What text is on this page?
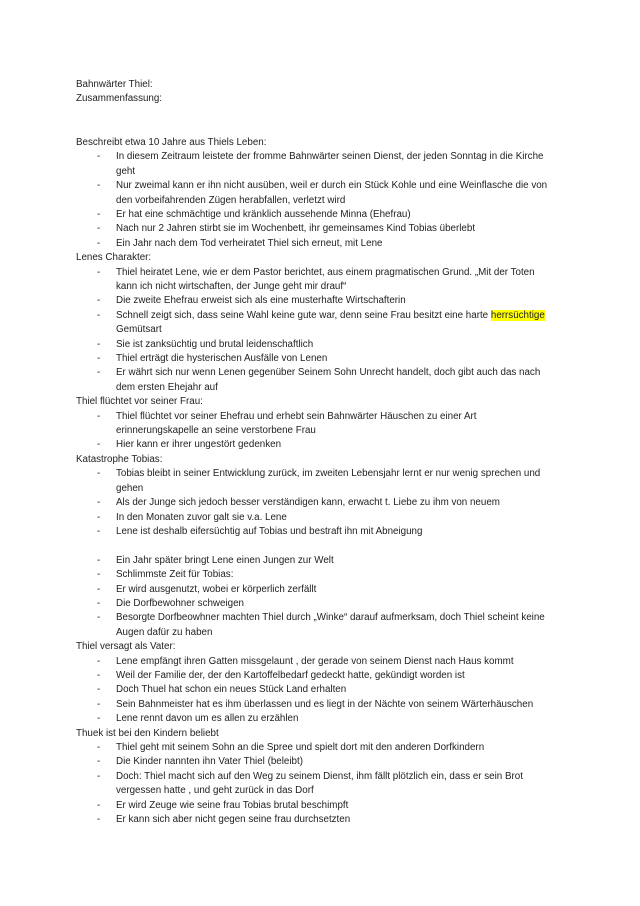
Bahnwärter Thiel:
Zusammenfassung:
Beschreibt etwa 10 Jahre aus Thiels Leben:
- In diesem Zeitraum leistete der fromme Bahnwärter seinen Dienst, der jeden Sonntag in die Kirche geht
- Nur zweimal kann er ihn nicht ausüben, weil er durch ein Stück Kohle und eine Weinflasche die von den vorbeifahrenden Zügen herabfallen, verletzt wird
- Er hat eine schmächtige und kränklich aussehende Minna (Ehefrau)
- Nach nur 2 Jahren stirbt sie im Wochenbett, ihr gemeinsames Kind Tobias überlebt
- Ein Jahr nach dem Tod verheiratet Thiel sich erneut, mit Lene
Lenes Charakter:
- Thiel heiratet Lene, wie er dem Pastor berichtet, aus einem pragmatischen Grund. „Mit der Toten kann ich nicht wirtschaften, der Junge geht mir drauf“
- Die zweite Ehefrau erweist sich als eine musterhafte Wirtschafterin
- Schnell zeigt sich, dass seine Wahl keine gute war, denn seine Frau besitzt eine harte herrsüchtige Gemütsart
- Sie ist zanksüchtig und brutal leidenschaftlich
- Thiel erträgt die hysterischen Ausfälle von Lenen
- Er währt sich nur wenn Lenen gegenüber Seinem Sohn Unrecht handelt, doch gibt auch das nach dem ersten Ehejahr auf
Thiel flüchtet vor seiner Frau:
- Thiel flüchtet vor seiner Ehefrau und erhebt sein Bahnwärter Häuschen zu einer Art erinnerungskapelle an seine verstorbene Frau
- Hier kann er ihrer ungestört gedenken
Katastrophe Tobias:
- Tobias bleibt in seiner Entwicklung zurück, im zweiten Lebensjahr lernt er nur wenig sprechen und gehen
- Als der Junge sich jedoch besser verständigen kann, erwacht t. Liebe zu ihm von neuem
- In den Monaten zuvor galt sie v.a. Lene
- Lene ist deshalb eifersüchtig auf Tobias und bestraft ihn mit Abneigung
- Ein Jahr später bringt Lene einen Jungen zur Welt
- Schlimmste Zeit für Tobias:
- Er wird ausgenutzt, wobei er körperlich zerfällt
- Die Dorfbewohner schweigen
- Besorgte Dorfbeowhner machten Thiel durch „Winke“ darauf aufmerksam, doch Thiel scheint keine Augen dafür zu haben
Thiel versagt als Vater:
- Lene empfängt ihren Gatten missgelaunt , der gerade von seinem Dienst nach Haus kommt
- Weil der Familie der, der den Kartoffelbedarf gedeckt hatte, gekündigt worden ist
- Doch Thuel hat schon ein neues Stück Land erhalten
- Sein Bahnmeister hat es ihm überlassen und es liegt in der Nächte von seinem Wärterhäuschen
- Lene rennt davon um es allen zu erzählen
Thuek ist bei den Kindern beliebt
- Thiel geht mit seinem Sohn an die Spree und spielt dort mit den anderen Dorfkindern
- Die Kinder nannten ihn Vater Thiel (beleibt)
- Doch: Thiel macht sich auf den Weg zu seinem Dienst, ihm fällt plötzlich ein, dass er sein Brot vergessen hatte , und geht zurück in das Dorf
- Er wird Zeuge wie seine frau Tobias brutal beschimpft
- Er kann sich aber nicht gegen seine frau durchsetzten
